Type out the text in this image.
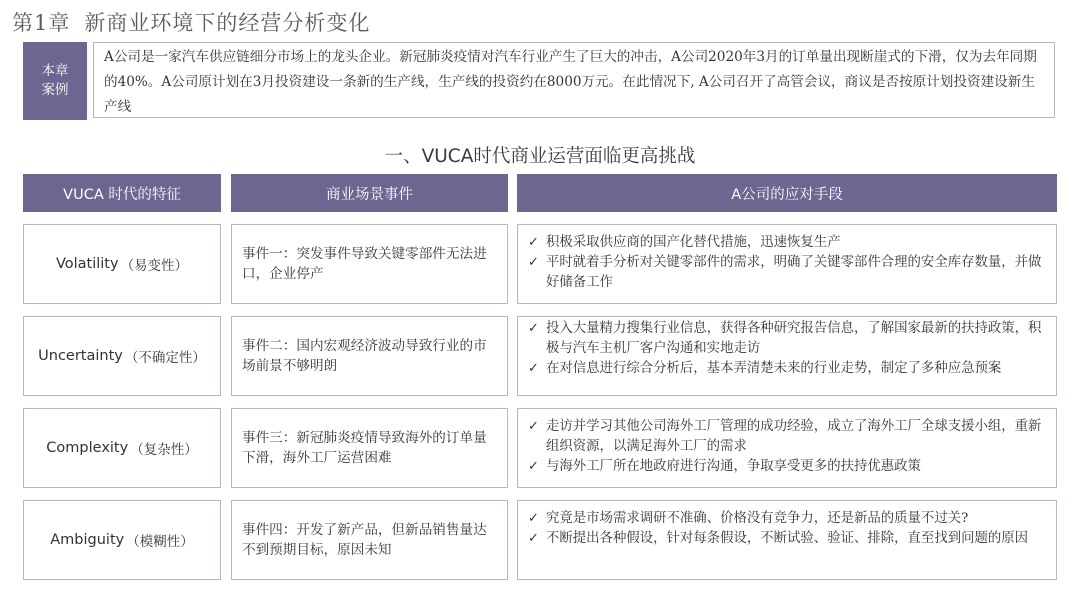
第1章 新商业环境下的经营分析变化
本章
案例
A公司是一家汽车供应链细分市场上的龙头企业。新冠肺炎疫情对汽车行业产生了巨大的冲击，A公司2020年3月的订单量出现断崖式的下滑，仅为去年同期的40%。A公司原计划在3月投资建设一条新的生产线，生产线的投资约在8000万元。在此情况下, A公司召开了高管会议，商议是否按原计划投资建设新生产线
一、VUCA时代商业运营面临更高挑战
VUCA 时代的特征	商业场景事件	A公司的应对手段
Volatility （易变性）
事件一：突发事件导致关键零部件无法进口，企业停产
✓ 积极采取供应商的国产化替代措施，迅速恢复生产
✓ 平时就着手分析对关键零部件的需求，明确了关键零部件合理的安全库存数量，并做好储备工作
Uncertainty （不确定性）
事件二：国内宏观经济波动导致行业的市场前景不够明朗
✓ 投入大量精力搜集行业信息，获得各种研究报告信息，了解国家最新的扶持政策，积极与汽车主机厂客户沟通和实地走访
✓ 在对信息进行综合分析后，基本弄清楚未来的行业走势，制定了多种应急预案
Complexity （复杂性）
事件三：新冠肺炎疫情导致海外的订单量下滑，海外工厂运营困难
✓ 走访并学习其他公司海外工厂管理的成功经验，成立了海外工厂全球支援小组，重新组织资源，以满足海外工厂的需求
✓ 与海外工厂所在地政府进行沟通，争取享受更多的扶持优惠政策
Ambiguity （模糊性）
事件四：开发了新产品，但新品销售量达不到预期目标，原因未知
✓ 究竟是市场需求调研不准确、价格没有竞争力，还是新品的质量不过关?
✓ 不断提出各种假设，针对每条假设，不断试验、验证、排除，直至找到问题的原因
